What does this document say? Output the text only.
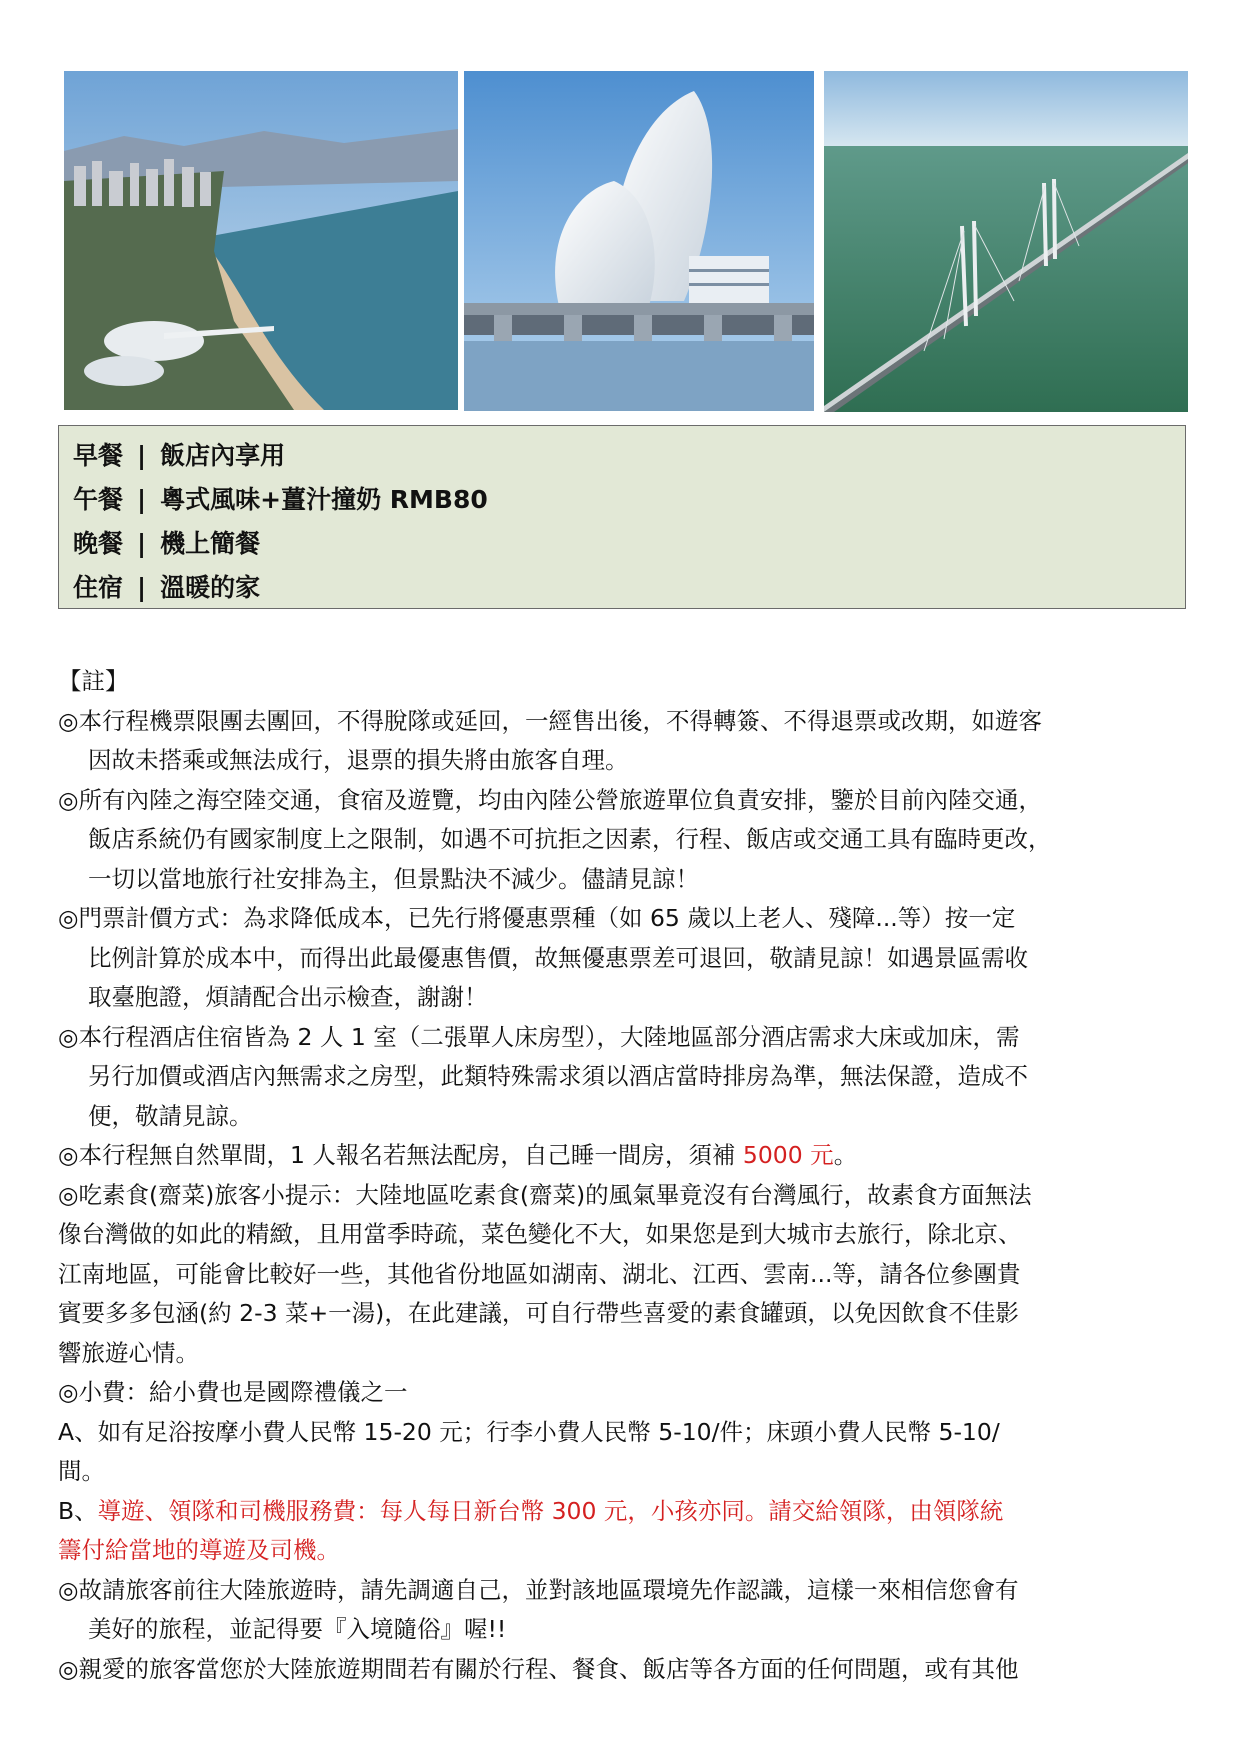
早餐 | 飯店內享用
午餐 | 粵式風味+薑汁撞奶 RMB80
晚餐 | 機上簡餐
住宿 | 溫暖的家
【註】
◎本行程機票限團去團回，不得脫隊或延回，一經售出後，不得轉簽、不得退票或改期，如遊客
因故未搭乘或無法成行，退票的損失將由旅客自理。
◎所有內陸之海空陸交通，食宿及遊覽，均由內陸公營旅遊單位負責安排，鑒於目前內陸交通，
飯店系統仍有國家制度上之限制，如遇不可抗拒之因素，行程、飯店或交通工具有臨時更改，
一切以當地旅行社安排為主，但景點決不減少。儘請見諒！
◎門票計價方式：為求降低成本，已先行將優惠票種（如 65 歲以上老人、殘障...等）按一定
比例計算於成本中，而得出此最優惠售價，故無優惠票差可退回，敬請見諒！如遇景區需收
取臺胞證，煩請配合出示檢查，謝謝！
◎本行程酒店住宿皆為 2 人 1 室（二張單人床房型），大陸地區部分酒店需求大床或加床，需
另行加價或酒店內無需求之房型，此類特殊需求須以酒店當時排房為準，無法保證，造成不
便，敬請見諒。
◎本行程無自然單間，1 人報名若無法配房，自己睡一間房，須補 5000 元。
◎吃素食(齋菜)旅客小提示：大陸地區吃素食(齋菜)的風氣畢竟沒有台灣風行，故素食方面無法
像台灣做的如此的精緻，且用當季時疏，菜色變化不大，如果您是到大城市去旅行，除北京、
江南地區，可能會比較好一些，其他省份地區如湖南、湖北、江西、雲南...等，請各位參團貴
賓要多多包涵(約 2-3 菜+一湯)，在此建議，可自行帶些喜愛的素食罐頭，以免因飲食不佳影
響旅遊心情。
◎小費：給小費也是國際禮儀之一
A、如有足浴按摩小費人民幣 15-20 元；行李小費人民幣 5-10/件；床頭小費人民幣 5-10/
間。
B、導遊、領隊和司機服務費：每人每日新台幣 300 元，小孩亦同。請交給領隊，由領隊統
籌付給當地的導遊及司機。
◎故請旅客前往大陸旅遊時，請先調適自己，並對該地區環境先作認識，這樣一來相信您會有
美好的旅程，並記得要『入境隨俗』喔!!
◎親愛的旅客當您於大陸旅遊期間若有關於行程、餐食、飯店等各方面的任何問題，或有其他
